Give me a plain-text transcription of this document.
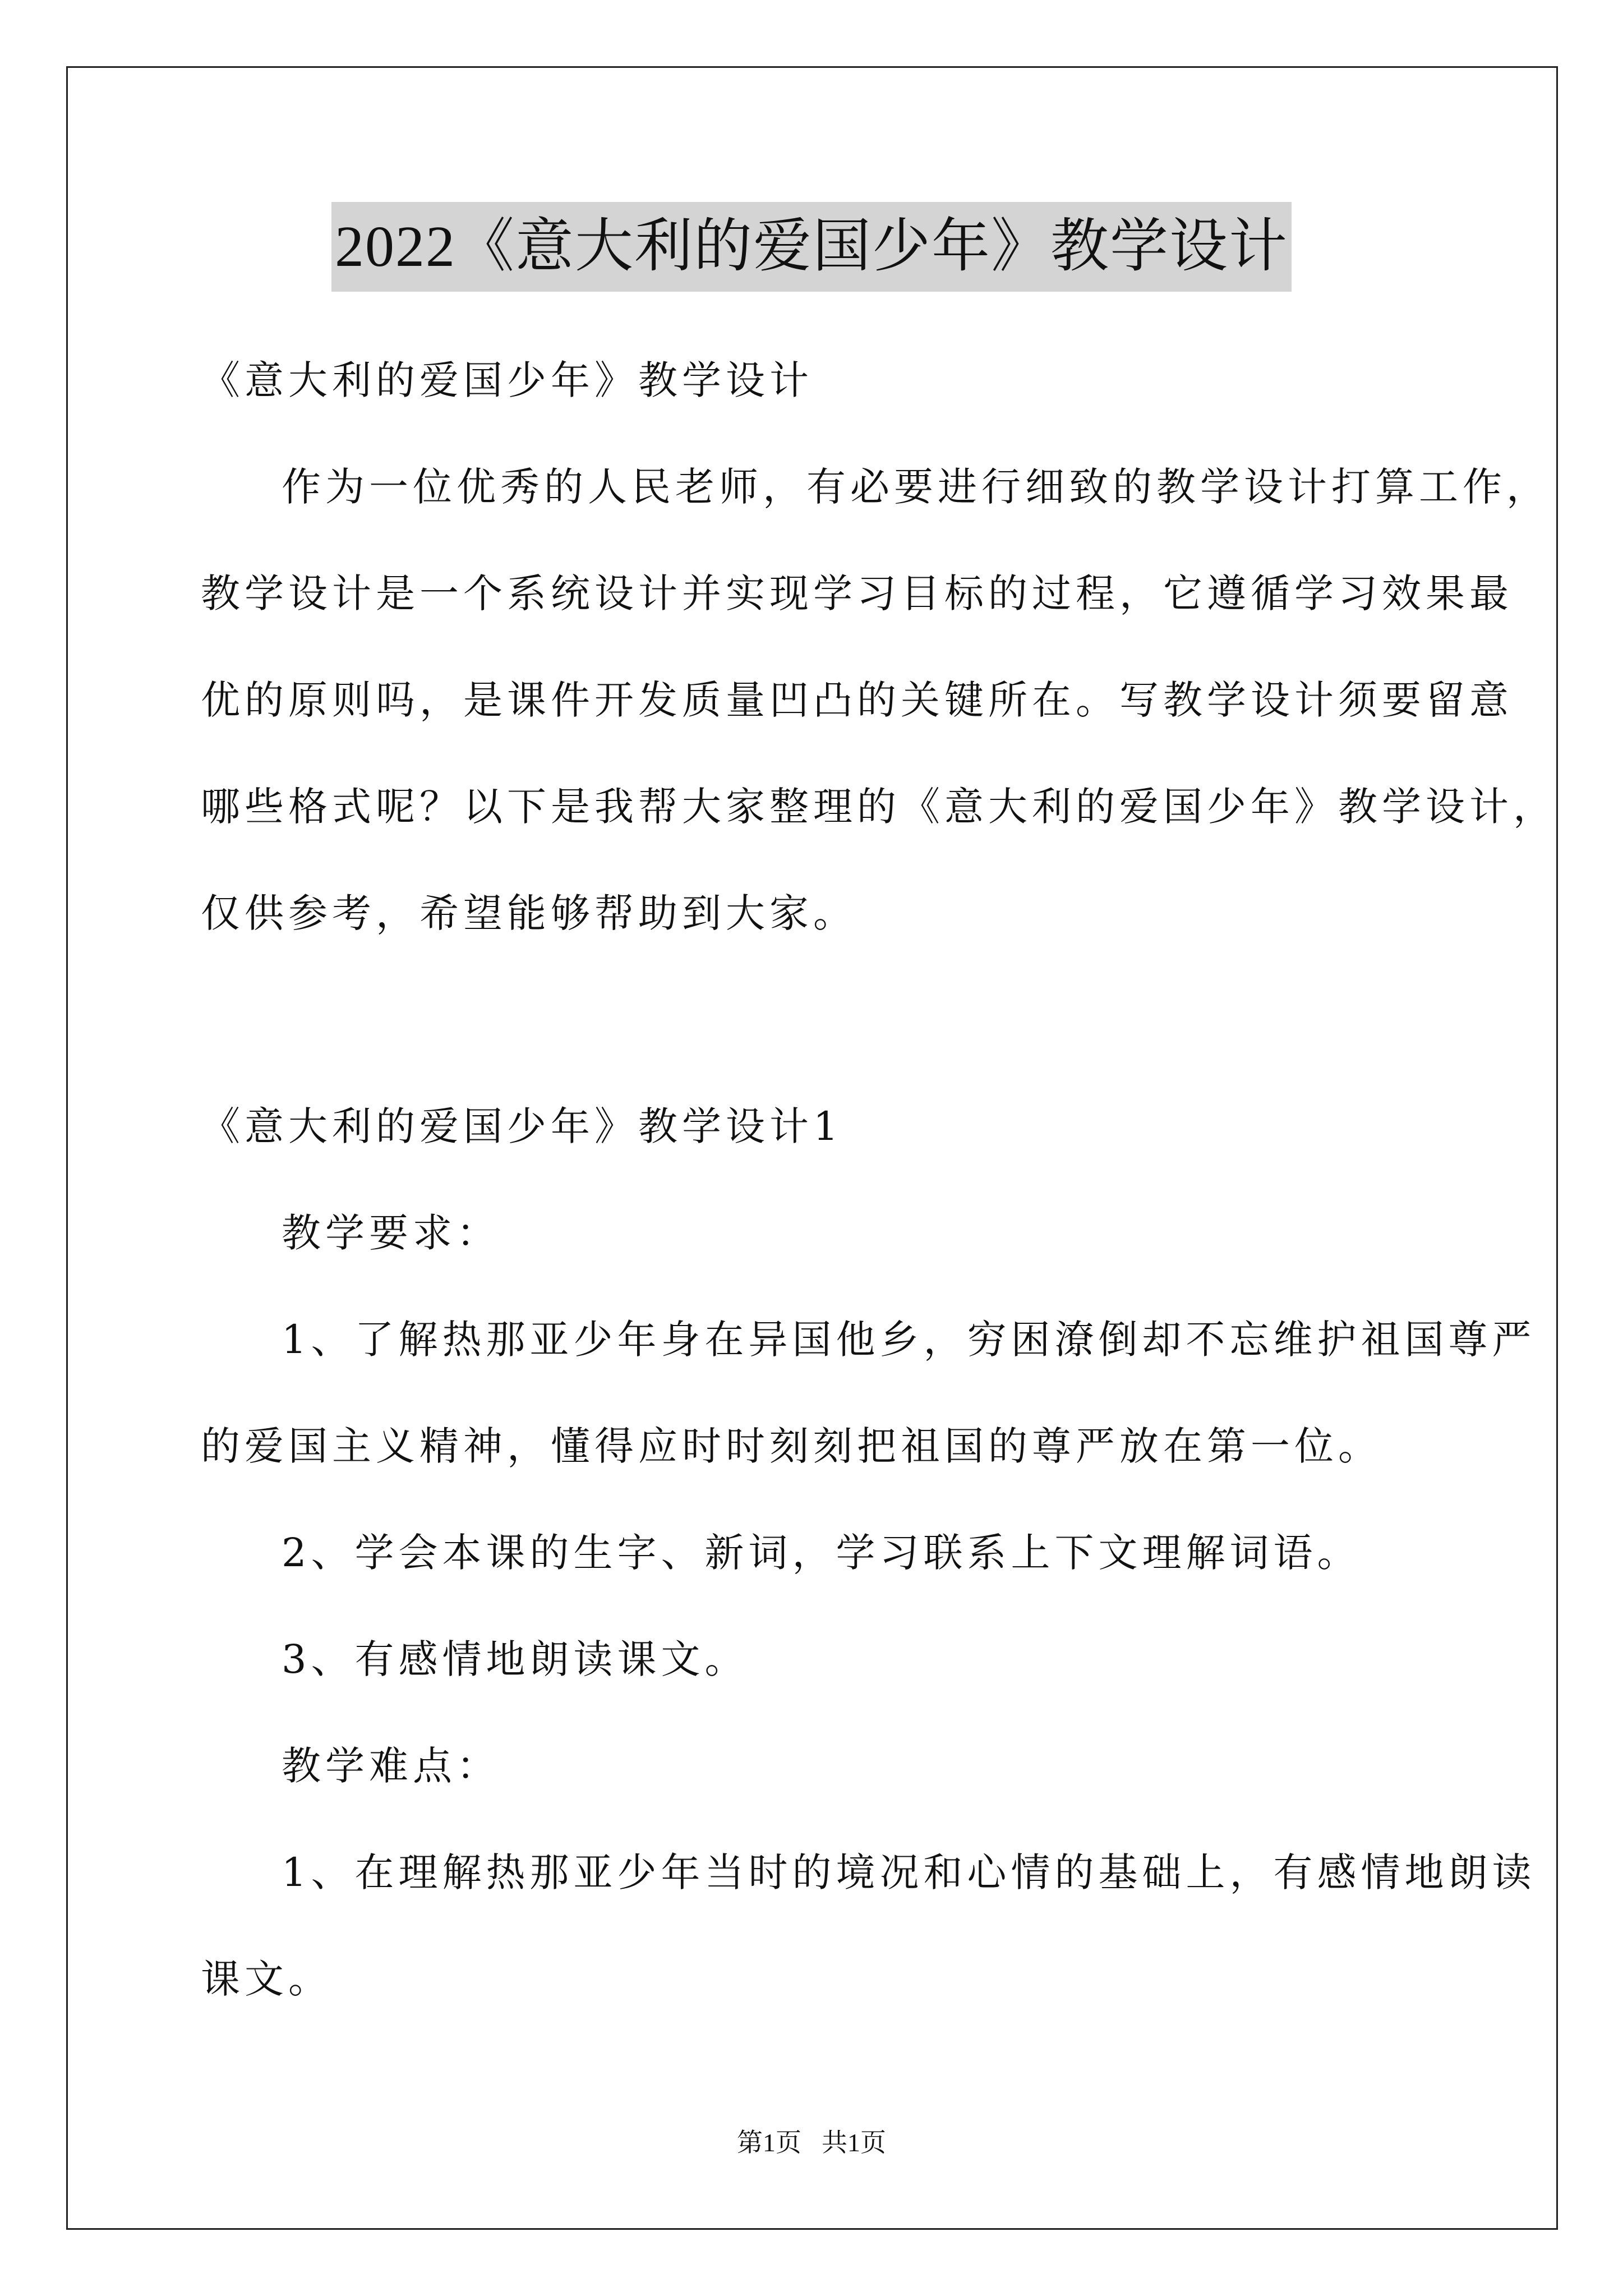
2022《意大利的爱国少年》教学设计
《意大利的爱国少年》教学设计
作为一位优秀的人民老师，有必要进行细致的教学设计打算工作，
教学设计是一个系统设计并实现学习目标的过程，它遵循学习效果最
优的原则吗，是课件开发质量凹凸的关键所在。写教学设计须要留意
哪些格式呢？以下是我帮大家整理的《意大利的爱国少年》教学设计，
仅供参考，希望能够帮助到大家。
《意大利的爱国少年》教学设计1
教学要求：
1、了解热那亚少年身在异国他乡，穷困潦倒却不忘维护祖国尊严
的爱国主义精神，懂得应时时刻刻把祖国的尊严放在第一位。
2、学会本课的生字、新词，学习联系上下文理解词语。
3、有感情地朗读课文。
教学难点：
1、在理解热那亚少年当时的境况和心情的基础上，有感情地朗读
课文。
第1页 共1页
